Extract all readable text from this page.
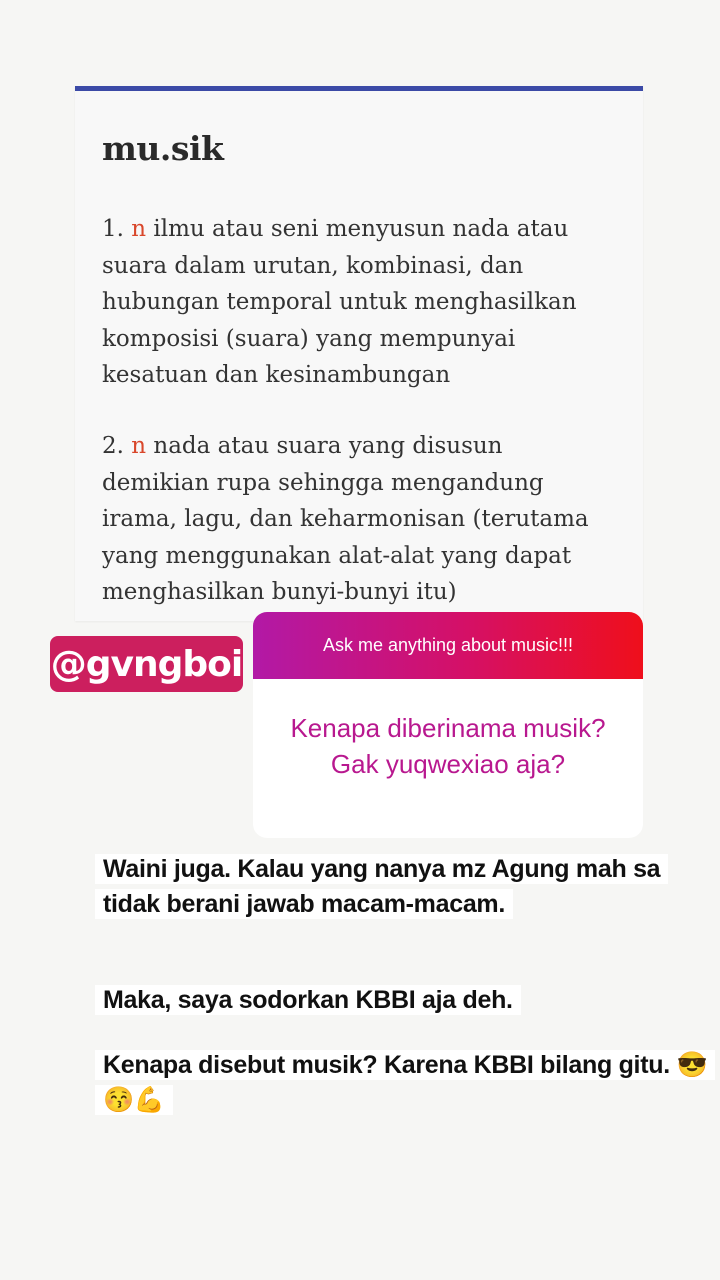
mu.sik
1. n ilmu atau seni menyusun nada atau suara dalam urutan, kombinasi, dan hubungan temporal untuk menghasilkan komposisi (suara) yang mempunyai kesatuan dan kesinambungan
2. n nada atau suara yang disusun demikian rupa sehingga mengandung irama, lagu, dan keharmonisan (terutama yang menggunakan alat-alat yang dapat menghasilkan bunyi-bunyi itu)
@gvngboi	Ask me anything about music!!!
Kenapa diberinama musik? Gak yuqwexiao aja?
Waini juga. Kalau yang nanya mz Agung mah sa tidak berani jawab macam-macam.
Maka, saya sodorkan KBBI aja deh.
Kenapa disebut musik? Karena KBBI bilang gitu. 😎😚💪
